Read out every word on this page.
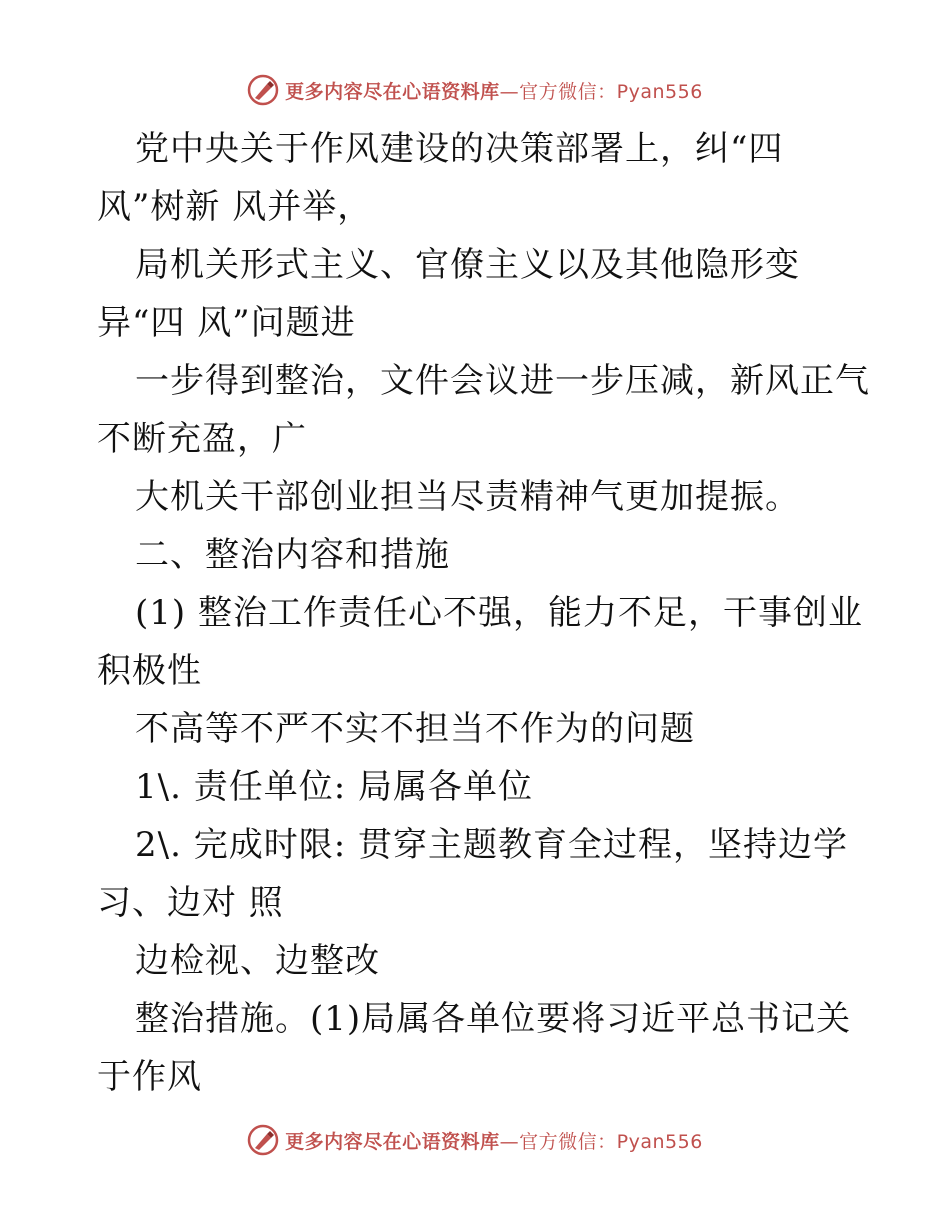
更多内容尽在心语资料库 —官方微信：Pyan556
党中央关于作风建设的决策部署上，纠“四
风”树新 风并举，
局机关形式主义、官僚主义以及其他隐形变
异“四 风”问题进
一步得到整治，文件会议进一步压减，新风正气
不断充盈，广
大机关干部创业担当尽责精神气更加提振。
二、整治内容和措施
(1) 整治工作责任心不强，能力不足，干事创业
积极性
不高等不严不实不担当不作为的问题
1\. 责任单位: 局属各单位
2\. 完成时限: 贯穿主题教育全过程，坚持边学
习、边对 照
边检视、边整改
整治措施。(1)局属各单位要将习近平总书记关
于作风
更多内容尽在心语资料库 —官方微信：Pyan556
